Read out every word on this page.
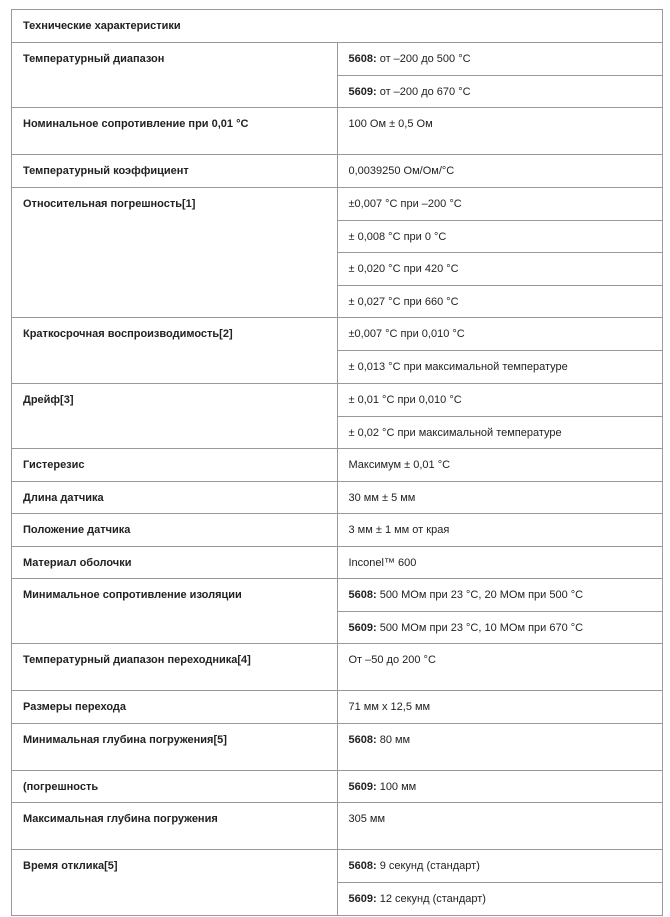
Технические характеристики	
Температурный диапазон	5608: от –200 до 500 °C
	5609: от –200 до 670 °C
Номинальное сопротивление при 0,01 °C	100 Ом ± 0,5 Ом
Температурный коэффициент	0,0039250 Ом/Ом/°C
Относительная погрешность[1]	±0,007 °C при –200 °C
	± 0,008 °C при 0 °C
	± 0,020 °C при 420 °C
	± 0,027 °C при 660 °C
Краткосрочная воспроизводимость[2]	±0,007 °C при 0,010 °C
	± 0,013 °C при максимальной температуре
Дрейф[3]	± 0,01 °C при 0,010 °C
	± 0,02 °C при максимальной температуре
Гистерезис	Максимум ± 0,01 °C
Длина датчика	30 мм ± 5 мм
Положение датчика	3 мм ± 1 мм от края
Материал оболочки	Inconel™ 600
Минимальное сопротивление изоляции	5608: 500 МОм при 23 °C, 20 МОм при 500 °C
	5609: 500 МОм при 23 °C, 10 МОм при 670 °C
Температурный диапазон переходника[4]	От –50 до 200 °C
Размеры перехода	71 мм x 12,5 мм
Минимальная глубина погружения[5]	5608: 80 мм
(погрешность	5609: 100 мм
Максимальная глубина погружения	305 мм
Время отклика[5]	5608: 9 секунд (стандарт)
	5609: 12 секунд (стандарт)
